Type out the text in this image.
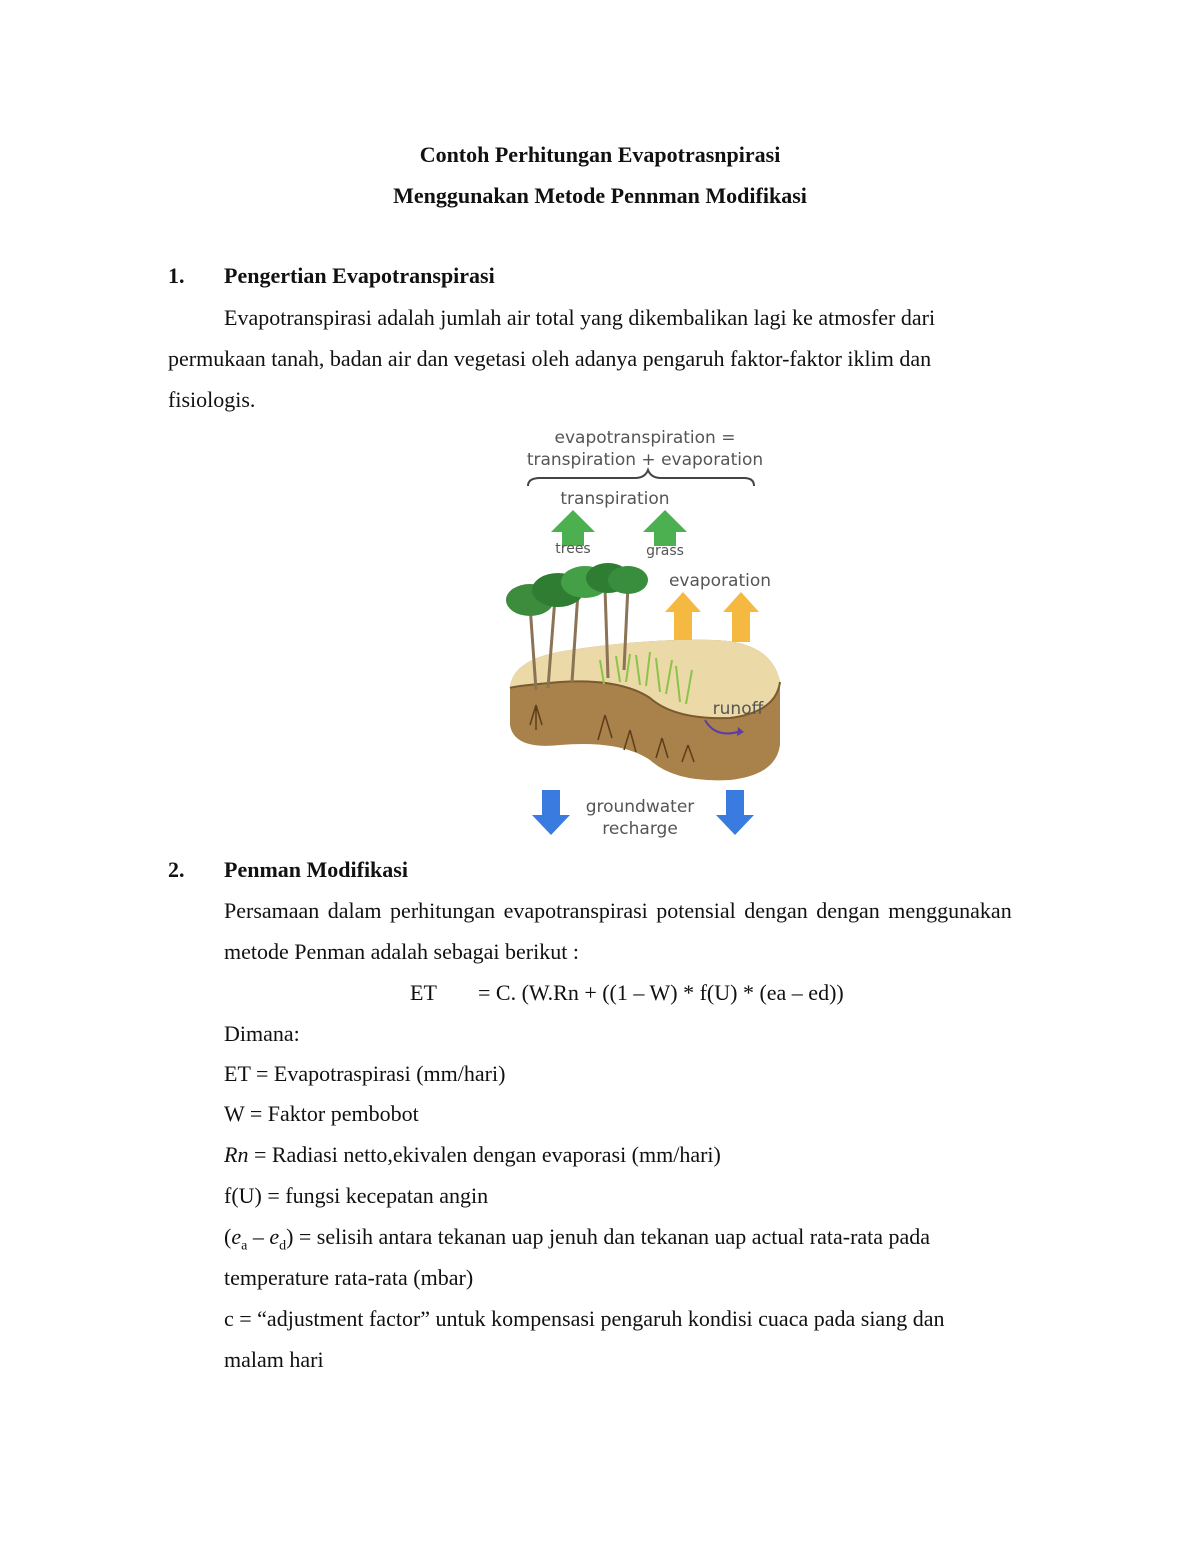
Contoh Perhitungan Evapotrasnpirasi
Menggunakan Metode Pennman Modifikasi
1. Pengertian Evapotranspirasi
Evapotranspirasi adalah jumlah air total yang dikembalikan lagi ke atmosfer dari
permukaan tanah, badan air dan vegetasi oleh adanya pengaruh faktor-faktor iklim dan
fisiologis.
evapotranspiration =
transpiration + evaporation
transpiration
trees	grass
evaporation
runoff
groundwater
recharge
2. Penman Modifikasi
Persamaan dalam perhitungan evapotranspirasi potensial dengan dengan menggunakan
metode Penman adalah sebagai berikut :
ET = C. (W.Rn + ((1 – W) * f(U) * (ea – ed))
Dimana:
ET = Evapotraspirasi (mm/hari)
W = Faktor pembobot
Rn = Radiasi netto,ekivalen dengan evaporasi (mm/hari)
f(U) = fungsi kecepatan angin
$(e_a - e_d)$ = selisih antara tekanan uap jenuh dan tekanan uap actual rata-rata pada
temperature rata-rata (mbar)
c = “adjustment factor” untuk kompensasi pengaruh kondisi cuaca pada siang dan
malam hari
